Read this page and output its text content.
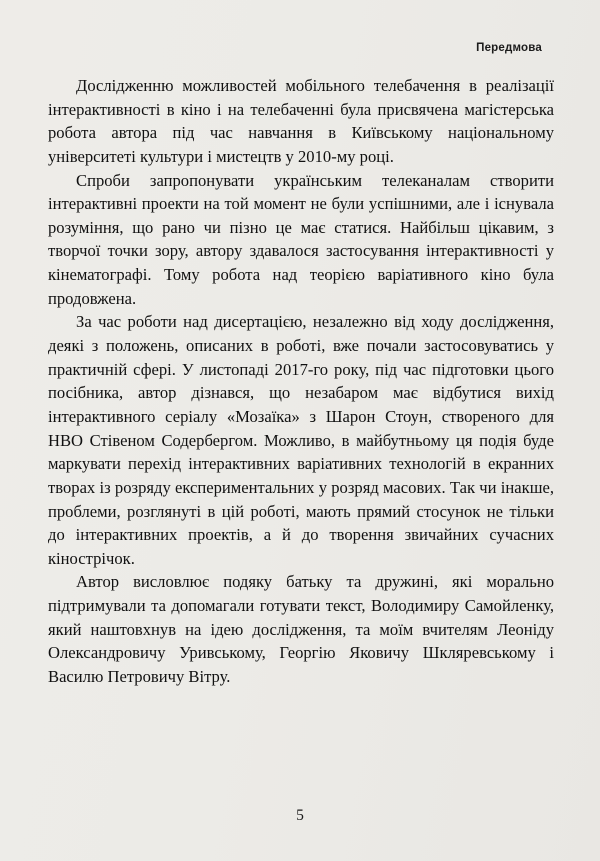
Передмова

Дослідженню можливостей мобільного телебачення в реалізації інтерактивності в кіно і на телебаченні була присвячена магістерська робота автора під час навчання в Київському національному університеті культури і мистецтв у 2010-му році.

Спроби запропонувати українським телеканалам створити інтерактивні проекти на той момент не були успішними, але і існувала розуміння, що рано чи пізно це має статися. Найбільш цікавим, з творчої точки зору, автору здавалося застосування інтерактивності у кінематографі. Тому робота над теорією варіативного кіно була продовжена.

За час роботи над дисертацією, незалежно від ходу дослідження, деякі з положень, описаних в роботі, вже почали застосовуватись у практичній сфері. У листопаді 2017-го року, під час підготовки цього посібника, автор дізнався, що незабаром має відбутися вихід інтерактивного серіалу «Мозаїка» з Шарон Стоун, створеного для НВО Стівеном Содербергом. Можливо, в майбутньому ця подія буде маркувати перехід інтерактивних варіативних технологій в екранних творах із розряду експериментальних у розряд масових. Так чи інакше, проблеми, розглянуті в цій роботі, мають прямий стосунок не тільки до інтерактивних проектів, а й до творення звичайних сучасних кінострічок.

Автор висловлює подяку батьку та дружині, які морально підтримували та допомагали готувати текст, Володимиру Самойленку, який наштовхнув на ідею дослідження, та моїм вчителям Леоніду Олександровичу Уривському, Георгію Яковичу Шкляревському і Василю Петровичу Вітру.

5
